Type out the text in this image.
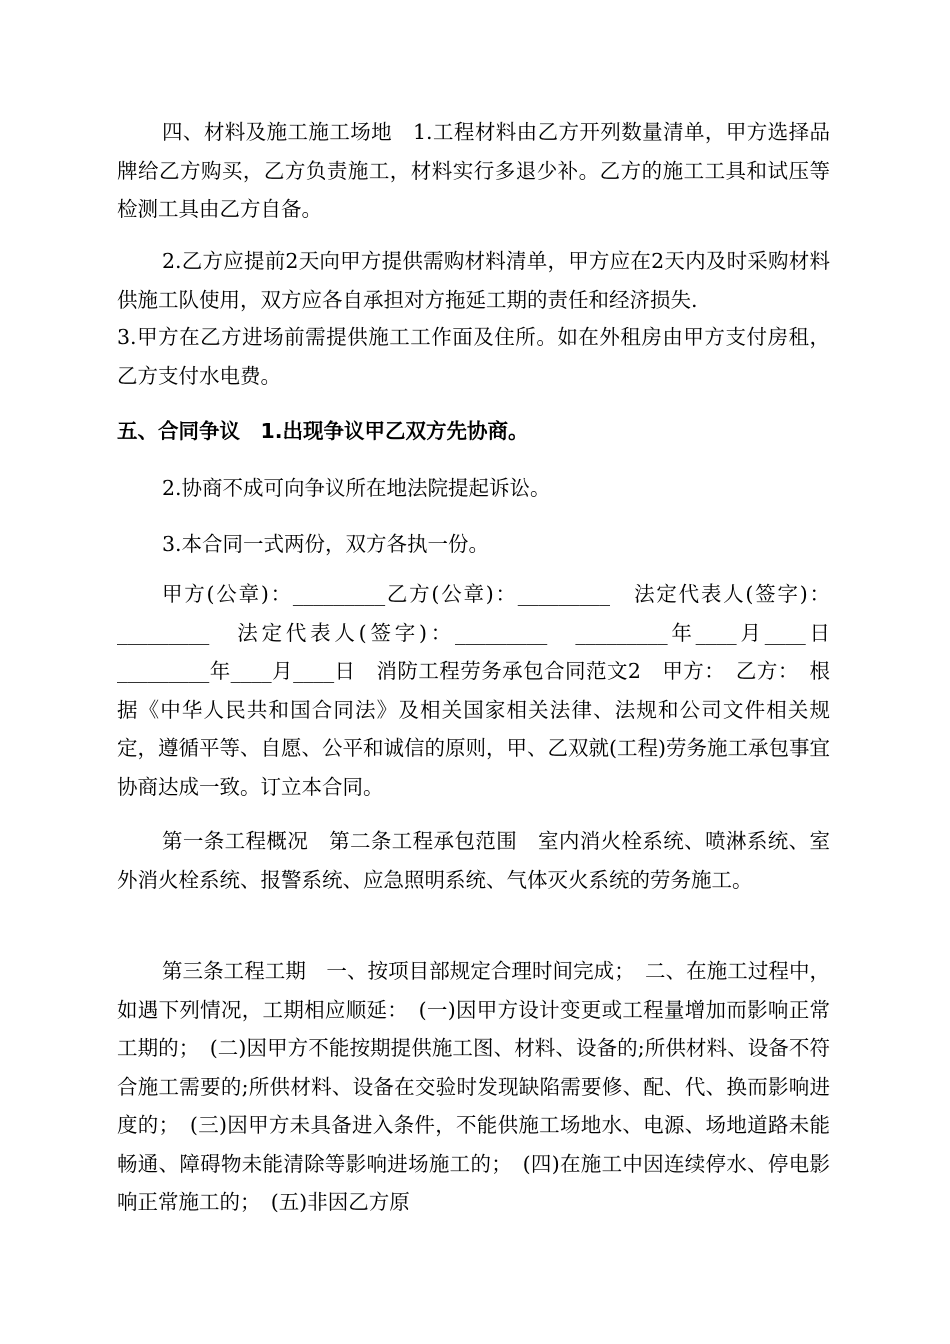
四、材料及施工施工场地　1.工程材料由乙方开列数量清单，甲方选择品牌给乙方购买，乙方负责施工，材料实行多退少补。乙方的施工工具和试压等检测工具由乙方自备。

2.乙方应提前2天向甲方提供需购材料清单，甲方应在2天内及时采购材料供施工队使用，双方应各自承担对方拖延工期的责任和经济损失.

3.甲方在乙方进场前需提供施工工作面及住所。如在外租房由甲方支付房租，乙方支付水电费。

五、合同争议　1.出现争议甲乙双方先协商。

2.协商不成可向争议所在地法院提起诉讼。

3.本合同一式两份，双方各执一份。

甲方(公章)：_________乙方(公章)：_________　法定代表人(签字)：_________　法定代表人(签字)：_________　_________年____月____日　_________年____月____日　消防工程劳务承包合同范文2　甲方：　乙方：　根据《中华人民共和国合同法》及相关国家相关法律、法规和公司文件相关规定，遵循平等、自愿、公平和诚信的原则，甲、乙双就(工程)劳务施工承包事宜协商达成一致。订立本合同。

第一条工程概况　第二条工程承包范围　室内消火栓系统、喷淋系统、室外消火栓系统、报警系统、应急照明系统、气体灭火系统的劳务施工。

第三条工程工期　一、按项目部规定合理时间完成；　二、在施工过程中，如遇下列情况，工期相应顺延：　(一)因甲方设计变更或工程量增加而影响正常工期的；　(二)因甲方不能按期提供施工图、材料、设备的;所供材料、设备不符合施工需要的;所供材料、设备在交验时发现缺陷需要修、配、代、换而影响进度的；　(三)因甲方未具备进入条件，不能供施工场地水、电源、场地道路未能畅通、障碍物未能清除等影响进场施工的；　(四)在施工中因连续停水、停电影响正常施工的；　(五)非因乙方原
